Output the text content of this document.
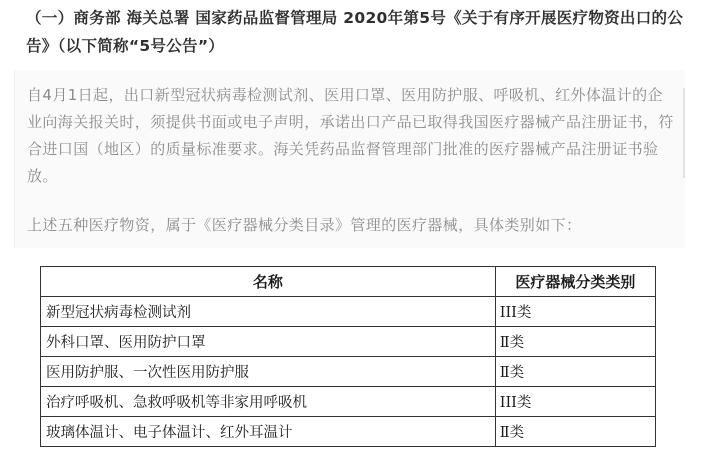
（一）商务部 海关总署 国家药品监督管理局 2020年第5号《关于有序开展医疗物资出口的公告》（以下简称“5号公告”）
自4月1日起，出口新型冠状病毒检测试剂、医用口罩、医用防护服、呼吸机、红外体温计的企业向海关报关时，须提供书面或电子声明，承诺出口产品已取得我国医疗器械产品注册证书，符合进口国（地区）的质量标准要求。海关凭药品监督管理部门批准的医疗器械产品注册证书验放。
上述五种医疗物资，属于《医疗器械分类目录》管理的医疗器械，具体类别如下：
名称	医疗器械分类类别
新型冠状病毒检测试剂	III类
外科口罩、医用防护口罩	Ⅱ类
医用防护服、一次性医用防护服	Ⅱ类
治疗呼吸机、急救呼吸机等非家用呼吸机	III类
玻璃体温计、电子体温计、红外耳温计	Ⅱ类
